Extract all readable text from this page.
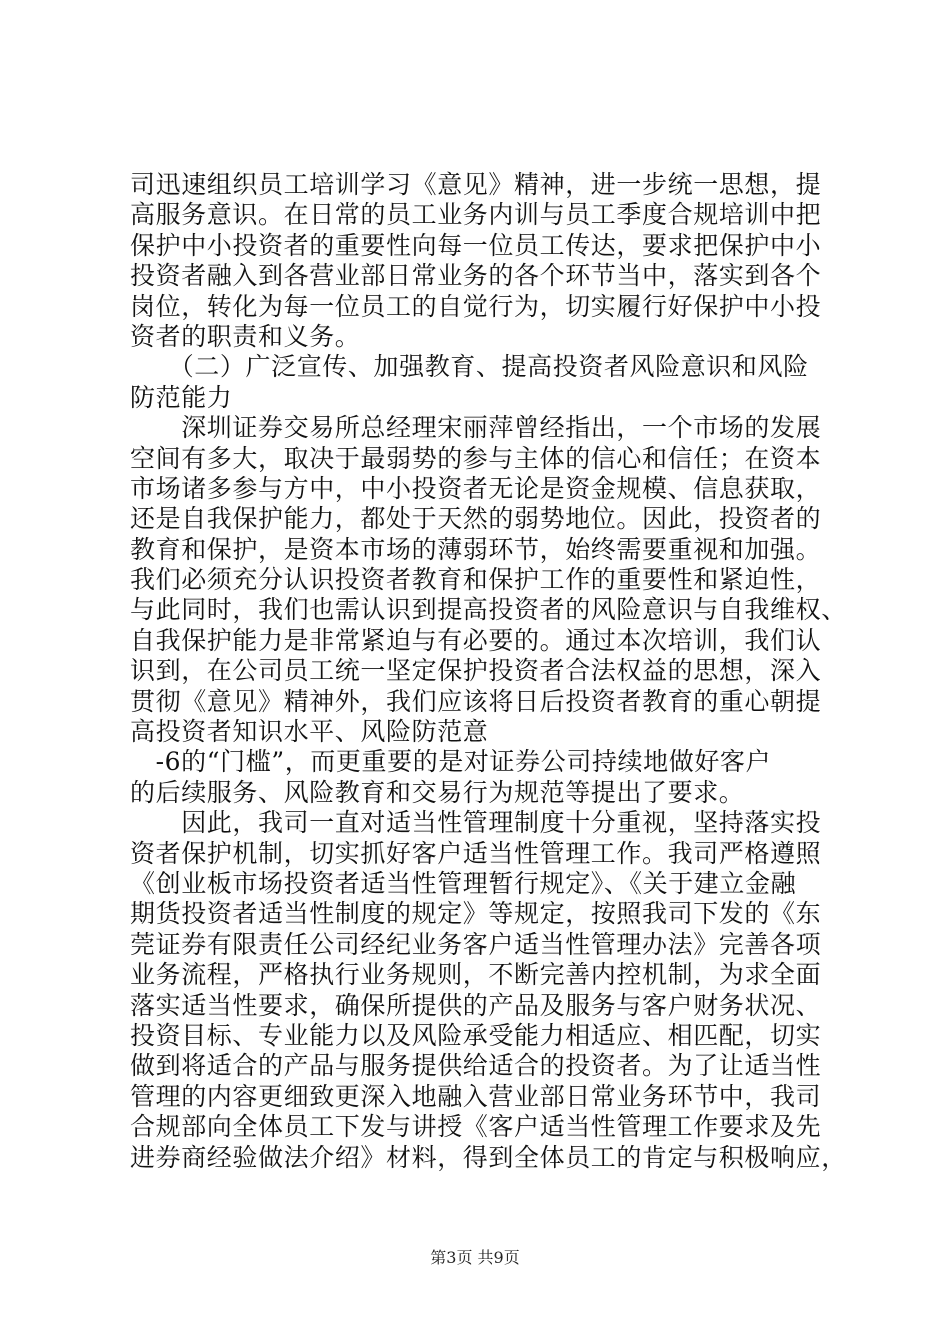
司迅速组织员工培训学习《意见》精神，进一步统一思想，提
高服务意识。在日常的员工业务内训与员工季度合规培训中把
保护中小投资者的重要性向每一位员工传达，要求把保护中小
投资者融入到各营业部日常业务的各个环节当中，落实到各个
岗位，转化为每一位员工的自觉行为，切实履行好保护中小投
资者的职责和义务。
　　（二）广泛宣传、加强教育、提高投资者风险意识和风险
防范能力
　　深圳证券交易所总经理宋丽萍曾经指出，一个市场的发展
空间有多大，取决于最弱势的参与主体的信心和信任；在资本
市场诸多参与方中，中小投资者无论是资金规模、信息获取，
还是自我保护能力，都处于天然的弱势地位。因此，投资者的
教育和保护，是资本市场的薄弱环节，始终需要重视和加强。
我们必须充分认识投资者教育和保护工作的重要性和紧迫性，
与此同时，我们也需认识到提高投资者的风险意识与自我维权、
自我保护能力是非常紧迫与有必要的。通过本次培训，我们认
识到，在公司员工统一坚定保护投资者合法权益的思想，深入
贯彻《意见》精神外，我们应该将日后投资者教育的重心朝提
高投资者知识水平、风险防范意
　-6的“门槛”，而更重要的是对证券公司持续地做好客户
的后续服务、风险教育和交易行为规范等提出了要求。
　　因此，我司一直对适当性管理制度十分重视，坚持落实投
资者保护机制，切实抓好客户适当性管理工作。我司严格遵照
《创业板市场投资者适当性管理暂行规定》、《关于建立金融
期货投资者适当性制度的规定》等规定，按照我司下发的《东
莞证券有限责任公司经纪业务客户适当性管理办法》完善各项
业务流程，严格执行业务规则，不断完善内控机制，为求全面
落实适当性要求，确保所提供的产品及服务与客户财务状况、
投资目标、专业能力以及风险承受能力相适应、相匹配，切实
做到将适合的产品与服务提供给适合的投资者。为了让适当性
管理的内容更细致更深入地融入营业部日常业务环节中，我司
合规部向全体员工下发与讲授《客户适当性管理工作要求及先
进券商经验做法介绍》材料，得到全体员工的肯定与积极响应，
第3页 共9页
